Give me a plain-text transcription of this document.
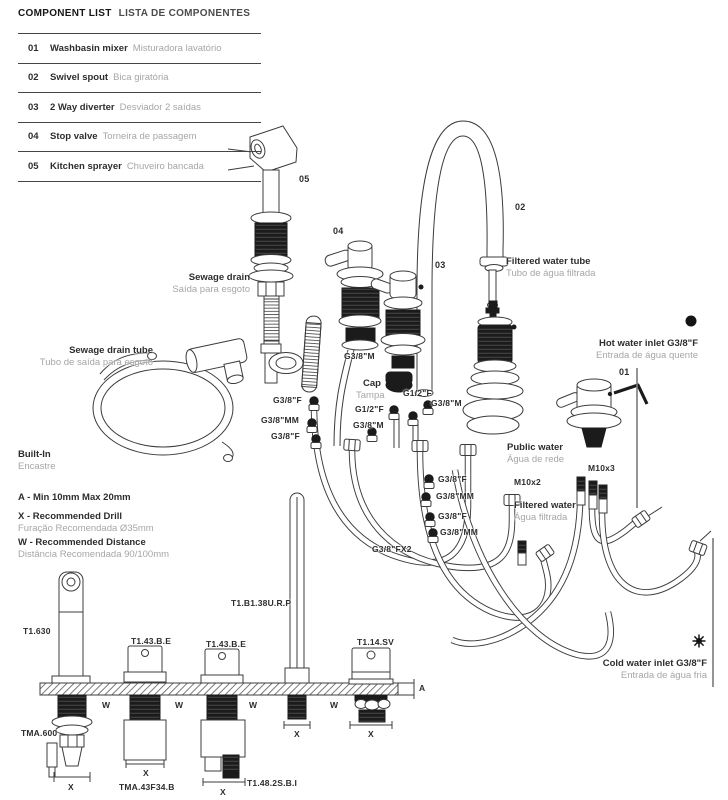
COMPONENT LIST LISTA DE COMPONENTES
01	Washbasin mixer Misturadora lavatório
02	Swivel spout Bica giratória
03	2 Way diverter Desviador 2 saídas
04	Stop valve Torneira de passagem
05	Kitchen sprayer Chuveiro bancada
05
04
03
02
01
Sewage drain
Saída para esgoto
Sewage drain tube
Tubo de saída para esgoto
Filtered water tube
Tubo de água filtrada
Hot water inlet G3/8"F
Entrada de água quente
Cold water inlet G3/8"F
Entrada de água fria
Public water
Água de rede
Filtered water
Água filtrada
Built-In
Encastre
Cap
Tampa
A - Min 10mm Max 20mm
X - Recommended Drill
Furação Recomendada Ø35mm
W - Recommended Distance
Distância Recomendada 90/100mm
G3/8"M
G1/2"F
G3/8"M
G1/2"F
G3/8"M
G3/8"F
G3/8"MM
G3/8"F
G3/8"F
G3/8"MM
G3/8"F
G3/8"MM
G3/8"FX2
M10x2
M10x3
T1.630
T1.43.B.E	T1.43.B.E
T1.B1.38U.R.P
T1.14.SV
TMA.600
TMA.43F34.B	T1.48.2S.B.I
A
W	W	W	W
X
X
X
X	X
